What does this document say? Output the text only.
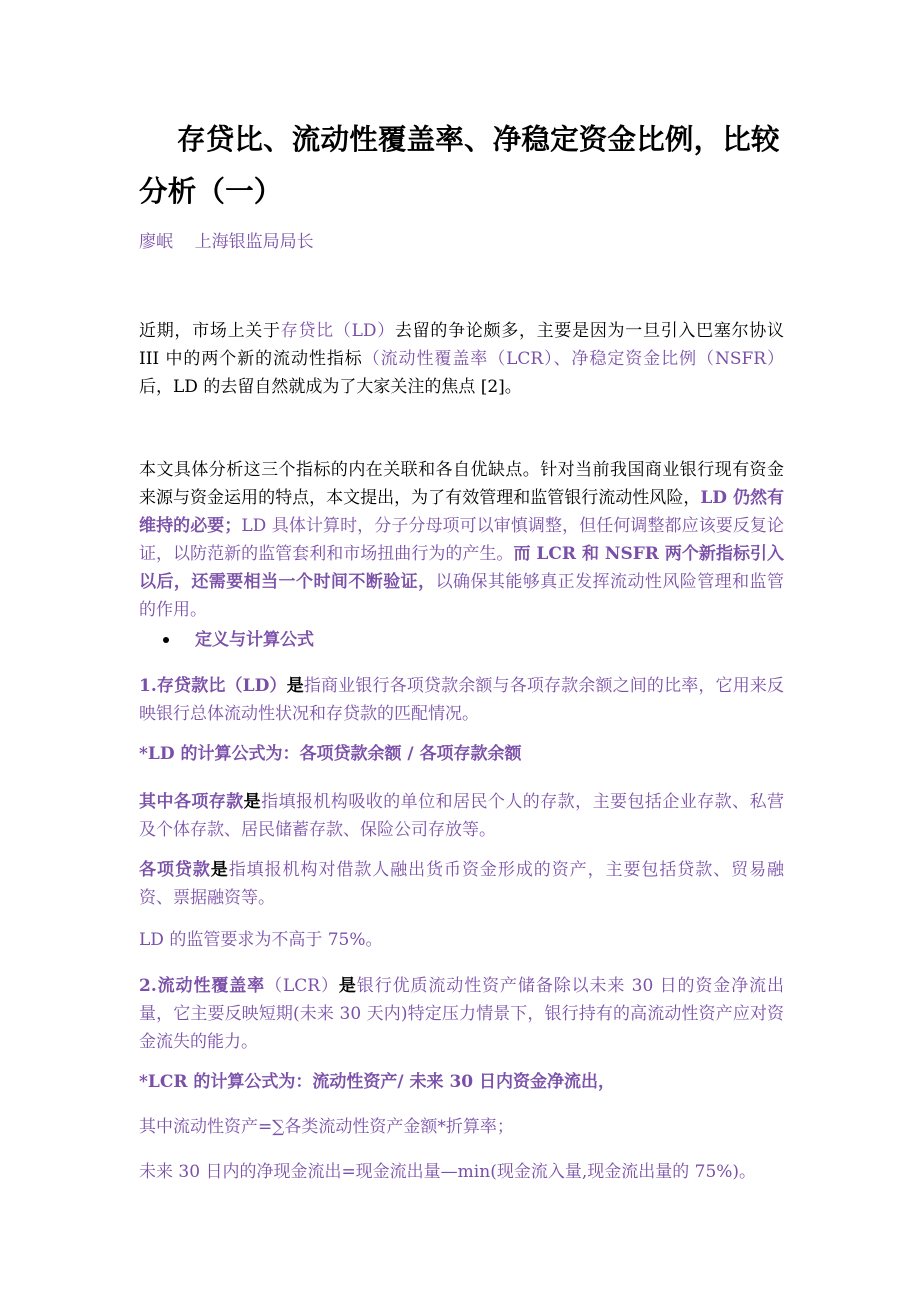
存贷比、流动性覆盖率、净稳定资金比例，比较分析（一）

廖岷 上海银监局局长

近期，市场上关于存贷比（LD）去留的争论颇多，主要是因为一旦引入巴塞尔协议 III 中的两个新的流动性指标（流动性覆盖率（LCR）、净稳定资金比例（NSFR）后，LD 的去留自然就成为了大家关注的焦点 [2]。

本文具体分析这三个指标的内在关联和各自优缺点。针对当前我国商业银行现有资金来源与资金运用的特点，本文提出，为了有效管理和监管银行流动性风险，LD 仍然有维持的必要；LD 具体计算时，分子分母项可以审慎调整，但任何调整都应该要反复论证，以防范新的监管套利和市场扭曲行为的产生。而 LCR 和 NSFR 两个新指标引入以后，还需要相当一个时间不断验证，以确保其能够真正发挥流动性风险管理和监管的作用。

定义与计算公式

1.存贷款比（LD）是指商业银行各项贷款余额与各项存款余额之间的比率，它用来反映银行总体流动性状况和存贷款的匹配情况。

*LD 的计算公式为：各项贷款余额 / 各项存款余额

其中各项存款是指填报机构吸收的单位和居民个人的存款，主要包括企业存款、私营及个体存款、居民储蓄存款、保险公司存放等。

各项贷款是指填报机构对借款人融出货币资金形成的资产，主要包括贷款、贸易融资、票据融资等。

LD 的监管要求为不高于 75%。

2.流动性覆盖率（LCR）是银行优质流动性资产储备除以未来 30 日的资金净流出量，它主要反映短期(未来 30 天内)特定压力情景下，银行持有的高流动性资产应对资金流失的能力。

*LCR 的计算公式为：流动性资产/ 未来 30 日内资金净流出，

其中流动性资产=∑各类流动性资产金额*折算率；

未来 30 日内的净现金流出=现金流出量—min(现金流入量,现金流出量的 75%)。
